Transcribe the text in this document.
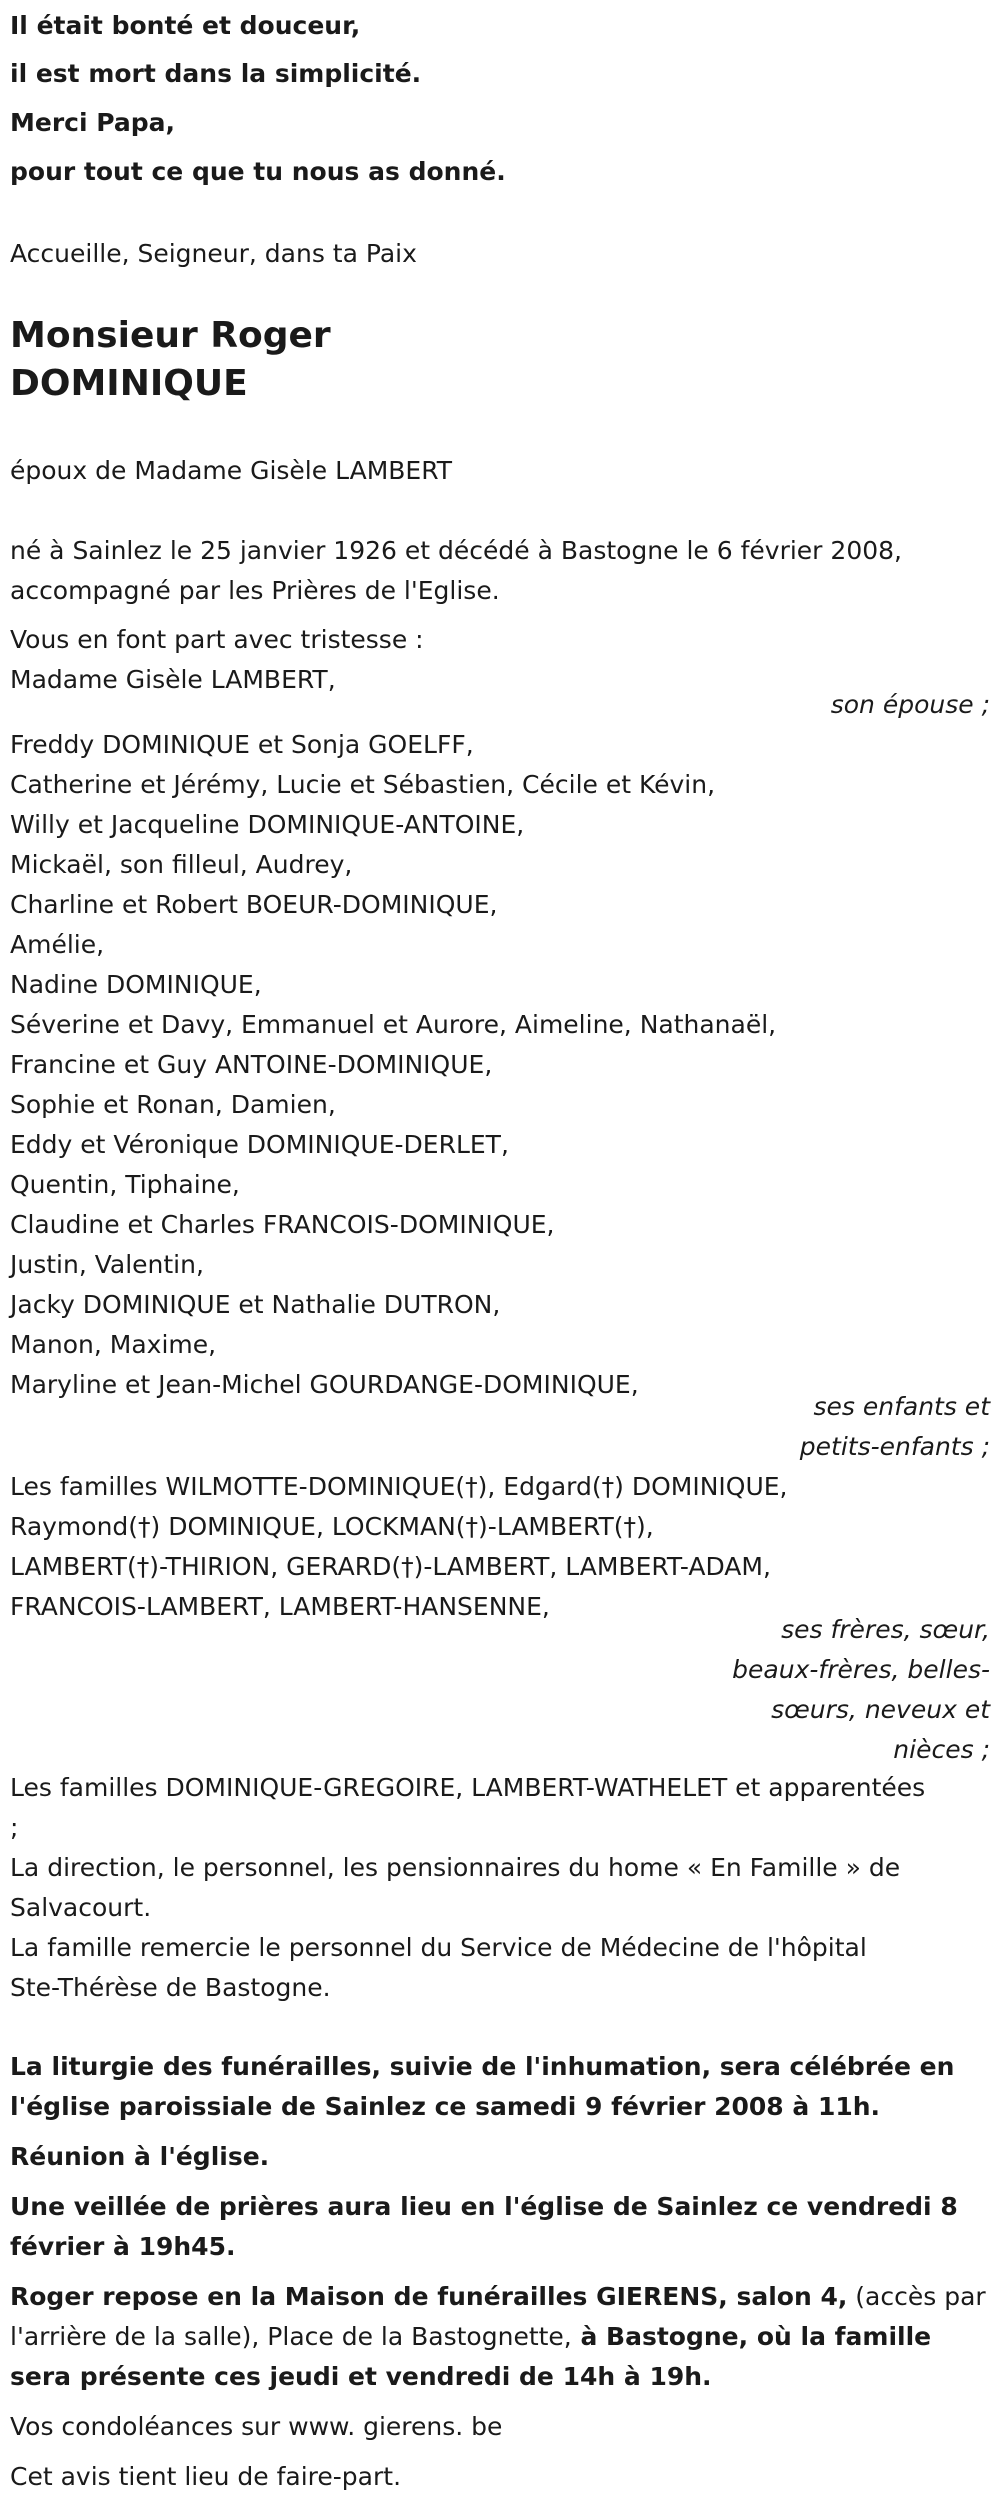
Il était bonté et douceur,
il est mort dans la simplicité.
Merci Papa,
pour tout ce que tu nous as donné.
Accueille, Seigneur, dans ta Paix
Monsieur Roger
DOMINIQUE
époux de Madame Gisèle LAMBERT
né à Sainlez le 25 janvier 1926 et décédé à Bastogne le 6 février 2008,
accompagné par les Prières de l'Eglise.
Vous en font part avec tristesse :
Madame Gisèle LAMBERT,
son épouse ;
Freddy DOMINIQUE et Sonja GOELFF,
Catherine et Jérémy, Lucie et Sébastien, Cécile et Kévin,
Willy et Jacqueline DOMINIQUE-ANTOINE,
Mickaël, son filleul, Audrey,
Charline et Robert BOEUR-DOMINIQUE,
Amélie,
Nadine DOMINIQUE,
Séverine et Davy, Emmanuel et Aurore, Aimeline, Nathanaël,
Francine et Guy ANTOINE-DOMINIQUE,
Sophie et Ronan, Damien,
Eddy et Véronique DOMINIQUE-DERLET,
Quentin, Tiphaine,
Claudine et Charles FRANCOIS-DOMINIQUE,
Justin, Valentin,
Jacky DOMINIQUE et Nathalie DUTRON,
Manon, Maxime,
Maryline et Jean-Michel GOURDANGE-DOMINIQUE,
ses enfants et
petits-enfants ;
Les familles WILMOTTE-DOMINIQUE(†), Edgard(†) DOMINIQUE,
Raymond(†) DOMINIQUE, LOCKMAN(†)-LAMBERT(†),
LAMBERT(†)-THIRION, GERARD(†)-LAMBERT, LAMBERT-ADAM,
FRANCOIS-LAMBERT, LAMBERT-HANSENNE,
ses frères, sœur,
beaux-frères, belles-
sœurs, neveux et
nièces ;
Les familles DOMINIQUE-GREGOIRE, LAMBERT-WATHELET et apparentées
;
La direction, le personnel, les pensionnaires du home « En Famille » de
Salvacourt.
La famille remercie le personnel du Service de Médecine de l'hôpital
Ste-Thérèse de Bastogne.
La liturgie des funérailles, suivie de l'inhumation, sera célébrée en
l'église paroissiale de Sainlez ce samedi 9 février 2008 à 11h.
Réunion à l'église.
Une veillée de prières aura lieu en l'église de Sainlez ce vendredi 8
février à 19h45.
Roger repose en la Maison de funérailles GIERENS, salon 4, (accès par
l'arrière de la salle), Place de la Bastognette, à Bastogne, où la famille
sera présente ces jeudi et vendredi de 14h à 19h.
Vos condoléances sur www. gierens. be
Cet avis tient lieu de faire-part.
